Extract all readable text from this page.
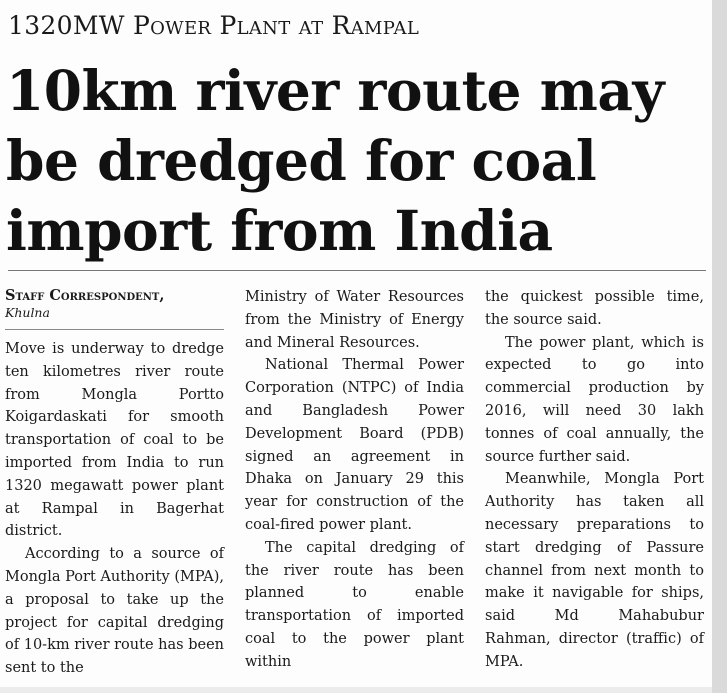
1320MW Power Plant at Rampal
10km river route may
be dredged for coal
import from India
Staff Correspondent,
Khulna

Move is underway to dredge ten kilometres river route from Mongla Portto Koigardaskati for smooth transportation of coal to be imported from India to run 1320 megawatt power plant at Rampal in Bagerhat district.

According to a source of Mongla Port Authority (MPA), a proposal to take up the project for capital dredging of 10-km river route has been sent to the

Ministry of Water Resources from the Ministry of Energy and Mineral Resources.

National Thermal Power Corporation (NTPC) of India and Bangladesh Power Development Board (PDB) signed an agreement in Dhaka on January 29 this year for construction of the coal-fired power plant.

The capital dredging of the river route has been planned to enable transportation of imported coal to the power plant within

the quickest possible time, the source said.

The power plant, which is expected to go into commercial production by 2016, will need 30 lakh tonnes of coal annually, the source further said.

Meanwhile, Mongla Port Authority has taken all necessary preparations to start dredging of Passure channel from next month to make it navigable for ships, said Md Mahabubur Rahman, director (traffic) of MPA.
